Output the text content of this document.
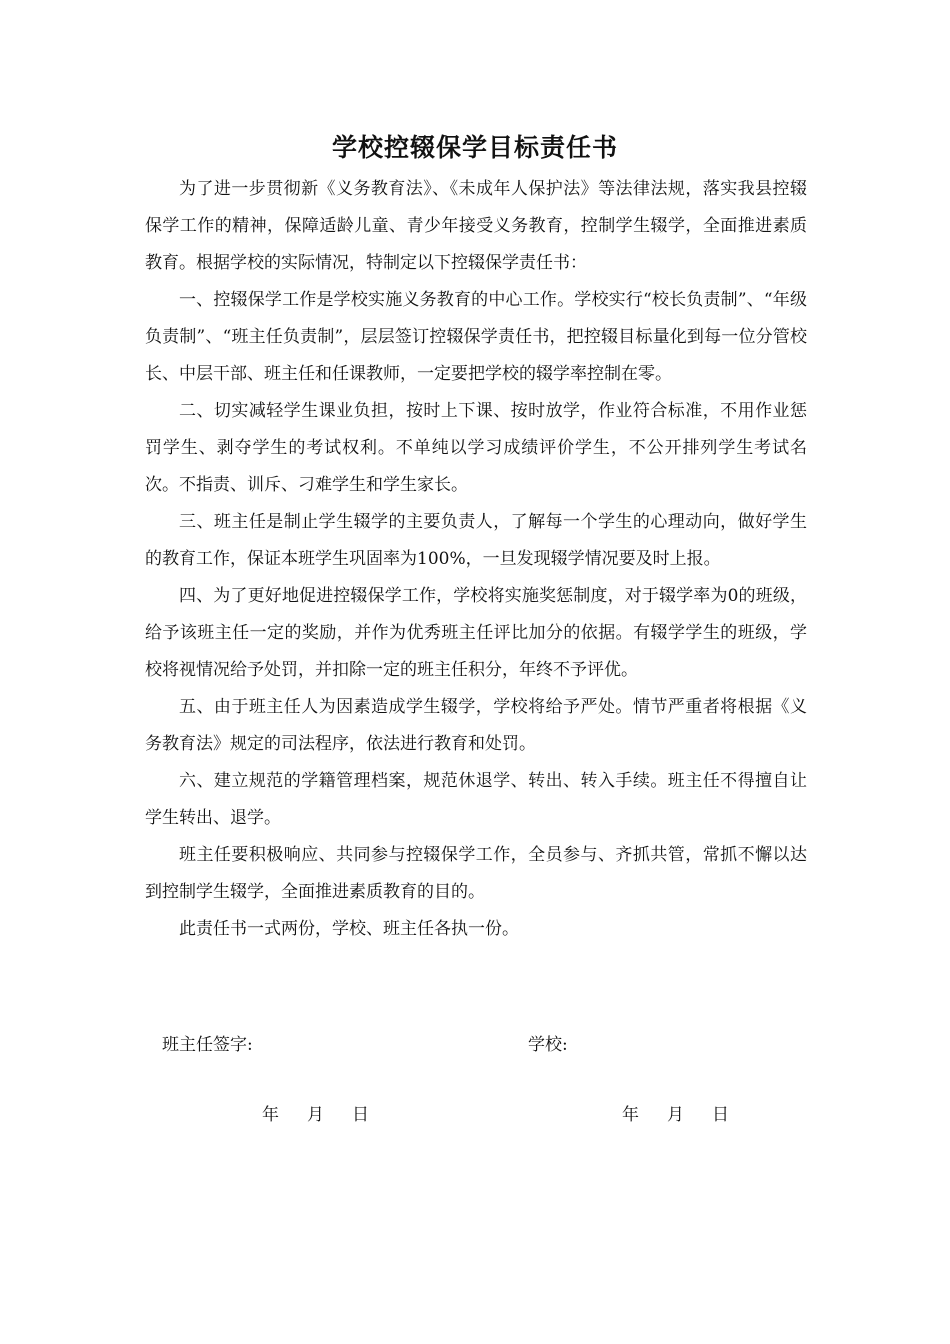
学校控辍保学目标责任书

为了进一步贯彻新《义务教育法》、《未成年人保护法》等法律法规，落实我县控辍保学工作的精神，保障适龄儿童、青少年接受义务教育，控制学生辍学，全面推进素质教育。根据学校的实际情况，特制定以下控辍保学责任书：

一、控辍保学工作是学校实施义务教育的中心工作。学校实行“校长负责制”、“年级负责制”、“班主任负责制”，层层签订控辍保学责任书，把控辍目标量化到每一位分管校长、中层干部、班主任和任课教师，一定要把学校的辍学率控制在零。

二、切实减轻学生课业负担，按时上下课、按时放学，作业符合标准，不用作业惩罚学生、剥夺学生的考试权利。不单纯以学习成绩评价学生，不公开排列学生考试名次。不指责、训斥、刁难学生和学生家长。

三、班主任是制止学生辍学的主要负责人，了解每一个学生的心理动向，做好学生的教育工作，保证本班学生巩固率为100%，一旦发现辍学情况要及时上报。

四、为了更好地促进控辍保学工作，学校将实施奖惩制度，对于辍学率为0的班级，给予该班主任一定的奖励，并作为优秀班主任评比加分的依据。有辍学学生的班级，学校将视情况给予处罚，并扣除一定的班主任积分，年终不予评优。

五、由于班主任人为因素造成学生辍学，学校将给予严处。情节严重者将根据《义务教育法》规定的司法程序，依法进行教育和处罚。

六、建立规范的学籍管理档案，规范休退学、转出、转入手续。班主任不得擅自让学生转出、退学。

班主任要积极响应、共同参与控辍保学工作，全员参与、齐抓共管，常抓不懈以达到控制学生辍学，全面推进素质教育的目的。

此责任书一式两份，学校、班主任各执一份。

班主任签字:	学校:
年 月 日	年 月 日
